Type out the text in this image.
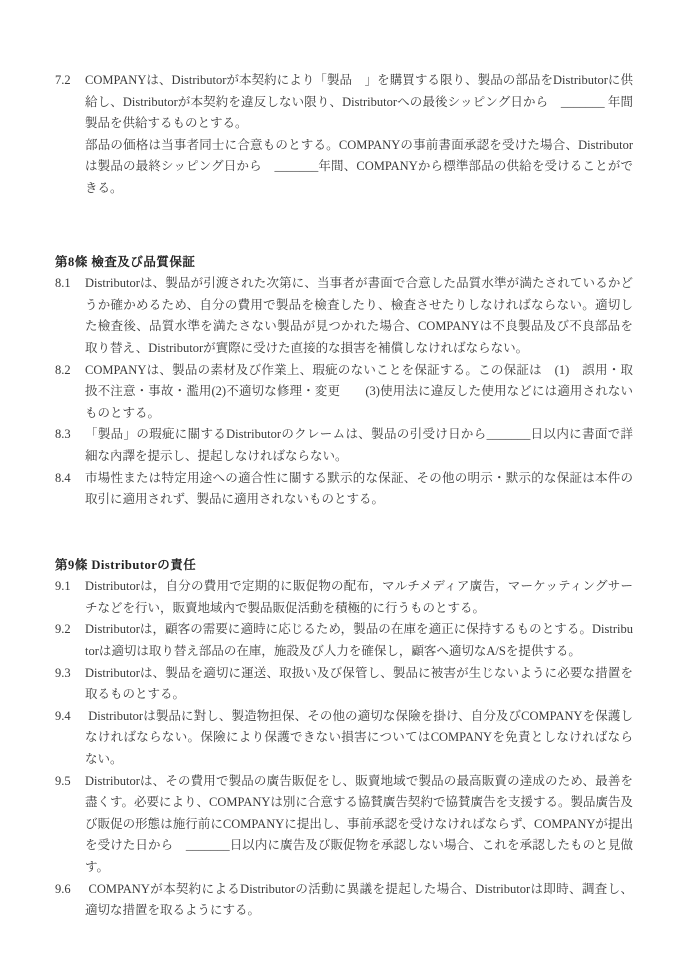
7.2	COMPANYは、Distributorが本契約により「製品　」を購買する限り、製品の部品をDistributorに供給し、Distributorが本契約を違反しない限り、Distributorへの最後シッピング日から　_______ 年間製品を供給するものとする。

部品の価格は当事者同士に合意ものとする。COMPANYの事前書面承認を受けた場合、Distributorは製品の最終シッピング日から　_______年間、COMPANYから標準部品の供給を受けることができる。

第8條 檢査及び品質保証
8.1	Distributorは、製品が引渡された次第に、当事者が書面で合意した品質水準が満たされているかどうか確かめるため、自分の費用で製品を檢査したり、檢査させたりしなければならない。適切した檢査後、品質水準を満たさない製品が見つかれた場合、COMPANYは不良製品及び不良部品を取り替え、Distributorが實際に受けた直接的な損害を補償しなければならない。

8.2	COMPANYは、製品の素材及び作業上、瑕疵のないことを保証する。この保証は　(1)　誤用・取扱不注意・事故・濫用(2)不適切な修理・変更　　(3)使用法に違反した使用などには適用されないものとする。

8.3	「製品」の瑕疵に關するDistributorのクレームは、製品の引受け日から_______日以内に書面で詳細な內譯を提示し、提起しなければならない。

8.4	市場性または特定用途への適合性に關する默示的な保証、その他の明示・默示的な保証は本件の取引に適用されず、製品に適用されないものとする。

第9條 Distributorの責任
9.1	Distributorは，自分の費用で定期的に販促物の配布，マルチメディア廣告，マーケッティングサーチなどを行い，販賣地域內で製品販促活動を積極的に行うものとする。

9.2	Distributorは，顧客の需要に適時に応じるため，製品の在庫を適正に保持するものとする。Distributorは適切は取り替え部品の在庫，施設及び人力を確保し，顧客へ適切なA/Sを提供する。

9.3	Distributorは、製品を適切に運送、取扱い及び保管し、製品に被害が生じないように必要な措置を取るものとする。

9.4	Distributorは製品に對し、製造物担保、その他の適切な保險を掛け、自分及びCOMPANYを保護しなければならない。保險により保護できない損害についてはCOMPANYを免責としなければならない。

9.5	Distributorは、その費用で製品の廣告販促をし、販賣地域で製品の最高販賣の達成のため、最善を盡くす。必要により、COMPANYは別に合意する協賛廣告契約で協賛廣告を支援する。製品廣告及び販促の形態は施行前にCOMPANYに提出し、事前承認を受けなければならず、COMPANYが提出を受けた日から　_______日以内に廣告及び販促物を承認しない場合、これを承認したものと見做す。

9.6	COMPANYが本契約によるDistributorの活動に異議を提起した場合、Distributorは即時、調査し、適切な措置を取るようにする。
